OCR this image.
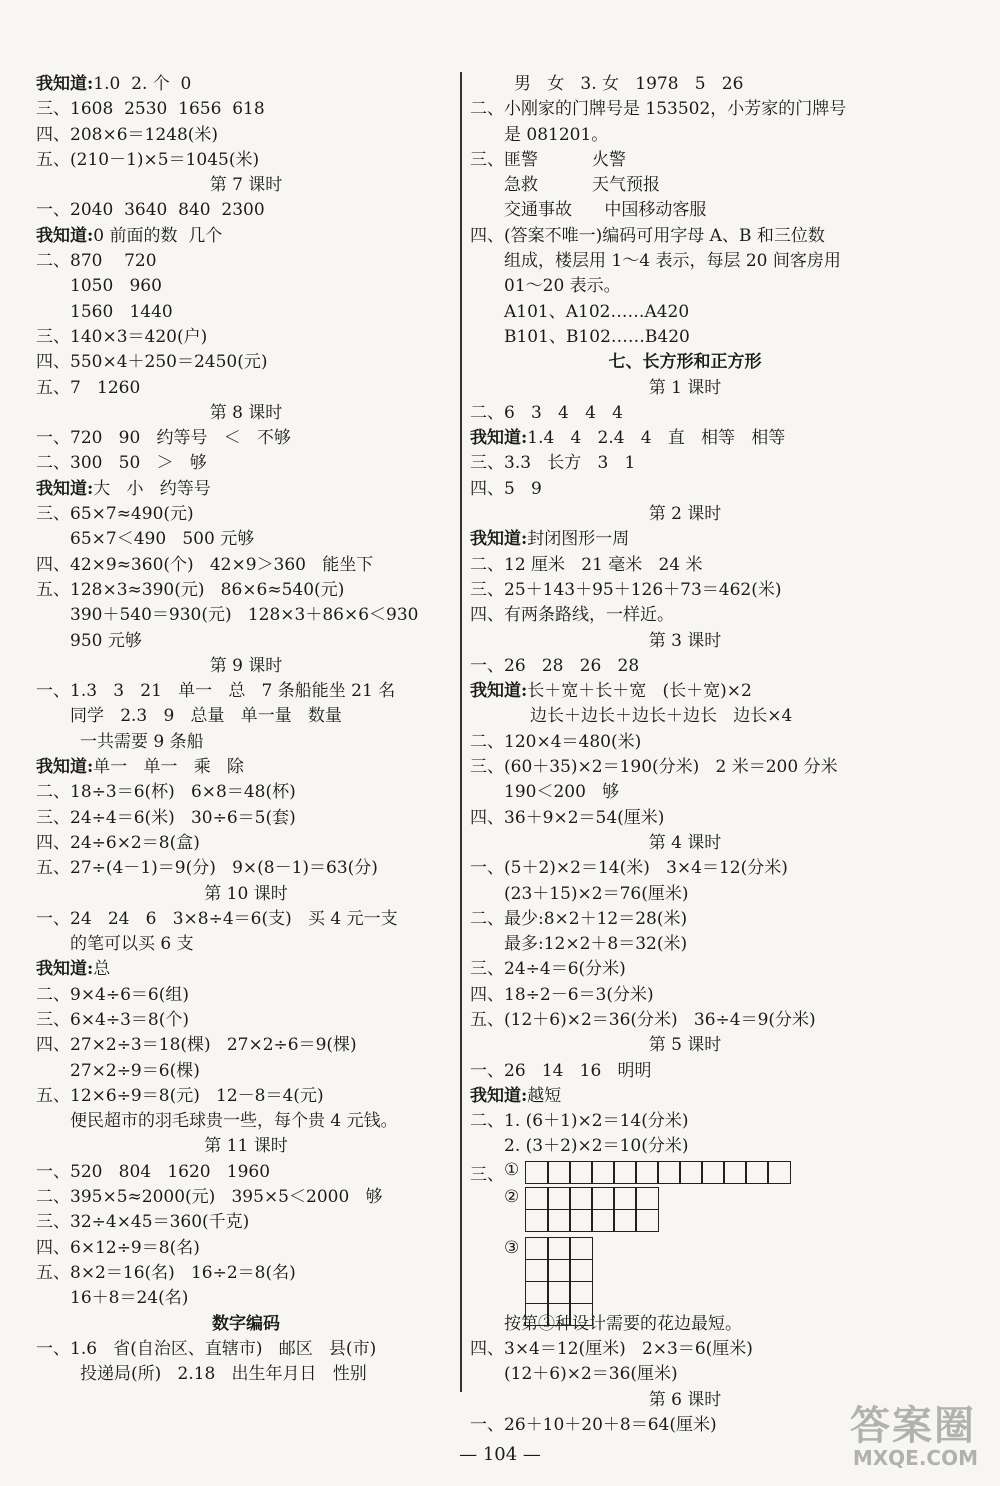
我知道:1.0  2. 个  0
三、1608  2530  1656  618
四、208×6＝1248(米)
五、(210－1)×5＝1045(米)
第 7 课时
一、2040  3640  840  2300
我知道:0 前面的数  几个
二、870    720
1050   960
1560   1440
三、140×3＝420(户)
四、550×4＋250＝2450(元)
五、7   1260
第 8 课时
一、720   90   约等号   ＜   不够
二、300   50   ＞   够
我知道:大   小   约等号
三、65×7≈490(元)
65×7＜490   500 元够
四、42×9≈360(个)   42×9＞360   能坐下
五、128×3≈390(元)   86×6≈540(元)
390＋540＝930(元)   128×3＋86×6＜930
950 元够
第 9 课时
一、1.3   3   21   单一   总   7 条船能坐 21 名
同学   2.3   9   总量   单一量   数量
一共需要 9 条船
我知道:单一   单一   乘   除
二、18÷3＝6(杯)   6×8＝48(杯)
三、24÷4＝6(米)   30÷6＝5(套)
四、24÷6×2＝8(盒)
五、27÷(4－1)＝9(分)   9×(8－1)＝63(分)
第 10 课时
一、24   24   6   3×8÷4＝6(支)   买 4 元一支
的笔可以买 6 支
我知道:总
二、9×4÷6＝6(组)
三、6×4÷3＝8(个)
四、27×2÷3＝18(棵)   27×2÷6＝9(棵)
27×2÷9＝6(棵)
五、12×6÷9＝8(元)   12－8＝4(元)
便民超市的羽毛球贵一些，每个贵 4 元钱。
第 11 课时
一、520   804   1620   1960
二、395×5≈2000(元)   395×5＜2000   够
三、32÷4×45＝360(千克)
四、6×12÷9＝8(名)
五、8×2＝16(名)   16÷2＝8(名)
16＋8＝24(名)
数字编码
一、1.6   省(自治区、直辖市)   邮区   县(市)
投递局(所)   2.18   出生年月日   性别
男   女   3. 女   1978   5   26
二、小刚家的门牌号是 153502，小芳家的门牌号
是 081201。
三、匪警          火警
急救          天气预报
交通事故      中国移动客服
四、(答案不唯一)编码可用字母 A、B 和三位数
组成，楼层用 1～4 表示，每层 20 间客房用
01～20 表示。
A101、A102……A420
B101、B102……B420
七、长方形和正方形
第 1 课时
二、6   3   4   4   4
我知道:1.4   4   2.4   4   直   相等   相等
三、3.3   长方   3   1
四、5   9
第 2 课时
我知道:封闭图形一周
二、12 厘米   21 毫米   24 米
三、25＋143＋95＋126＋73＝462(米)
四、有两条路线，一样近。
第 3 课时
一、26   28   26   28
我知道:长＋宽＋长＋宽   (长＋宽)×2
边长＋边长＋边长＋边长   边长×4
二、120×4＝480(米)
三、(60＋35)×2＝190(分米)   2 米＝200 分米
190＜200   够
四、36＋9×2＝54(厘米)
第 4 课时
一、(5＋2)×2＝14(米)   3×4＝12(分米)
(23＋15)×2＝76(厘米)
二、最少:8×2＋12＝28(米)
最多:12×2＋8＝32(米)
三、24÷4＝6(分米)
四、18÷2－6＝3(分米)
五、(12＋6)×2＝36(分米)   36÷4＝9(分米)
第 5 课时
一、26   14   16   明明
我知道:越短
二、1. (6＋1)×2＝14(分米)
2. (3＋2)×2＝10(分米)
三、 ①
②
③
按第③种设计需要的花边最短。
四、3×4＝12(厘米)   2×3＝6(厘米)
(12＋6)×2＝36(厘米)
第 6 课时
一、26＋10＋20＋8＝64(厘米)
— 104 —
答案圈
MXQE.COM
